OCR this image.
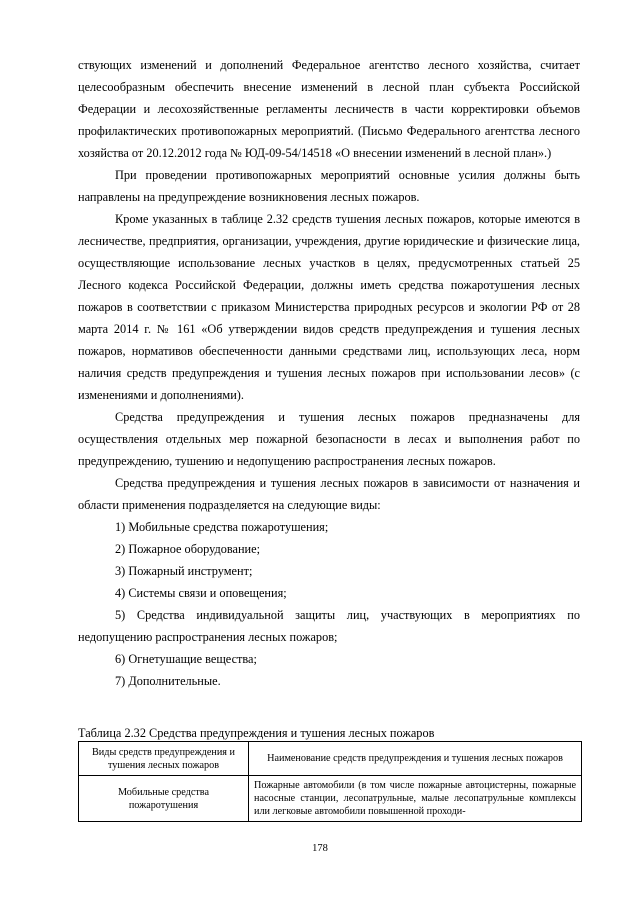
ствующих изменений и дополнений Федеральное агентство лесного хозяйства, считает целесообразным обеспечить внесение изменений в лесной план субъекта Российской Федерации и лесохозяйственные регламенты лесничеств в части корректировки объемов профилактических противопожарных мероприятий. (Письмо Федерального агентства лесного хозяйства от 20.12.2012 года № ЮД-09-54/14518 «О внесении изменений в лесной план».)

При проведении противопожарных мероприятий основные усилия должны быть направлены на предупреждение возникновения лесных пожаров.

Кроме указанных в таблице 2.32 средств тушения лесных пожаров, которые имеются в лесничестве, предприятия, организации, учреждения, другие юридические и физические лица, осуществляющие использование лесных участков в целях, предусмотренных статьей 25 Лесного кодекса Российской Федерации, должны иметь средства пожаротушения лесных пожаров в соответствии с приказом Министерства природных ресурсов и экологии РФ от 28 марта 2014 г. № 161 «Об утверждении видов средств предупреждения и тушения лесных пожаров, нормативов обеспеченности данными средствами лиц, использующих леса, норм наличия средств предупреждения и тушения лесных пожаров при использовании лесов» (с изменениями и дополнениями).

Средства предупреждения и тушения лесных пожаров предназначены для осуществления отдельных мер пожарной безопасности в лесах и выполнения работ по предупреждению, тушению и недопущению распространения лесных пожаров.

Средства предупреждения и тушения лесных пожаров в зависимости от назначения и области применения подразделяется на следующие виды:

1) Мобильные средства пожаротушения;

2) Пожарное оборудование;

3) Пожарный инструмент;

4) Системы связи и оповещения;

5) Средства индивидуальной защиты лиц, участвующих в мероприятиях по недопущению распространения лесных пожаров;

6) Огнетушащие вещества;

7) Дополнительные.

Таблица 2.32 Средства предупреждения и тушения лесных пожаров
Виды средств предупреждения и тушения лесных пожаров	Наименование средств предупреждения и тушения лесных пожаров
Мобильные средства пожаротушения	Пожарные автомобили (в том числе пожарные автоцистерны, пожарные насосные станции, лесопатрульные, малые лесопатрульные комплексы или легковые автомобили повышенной проходи-
178
